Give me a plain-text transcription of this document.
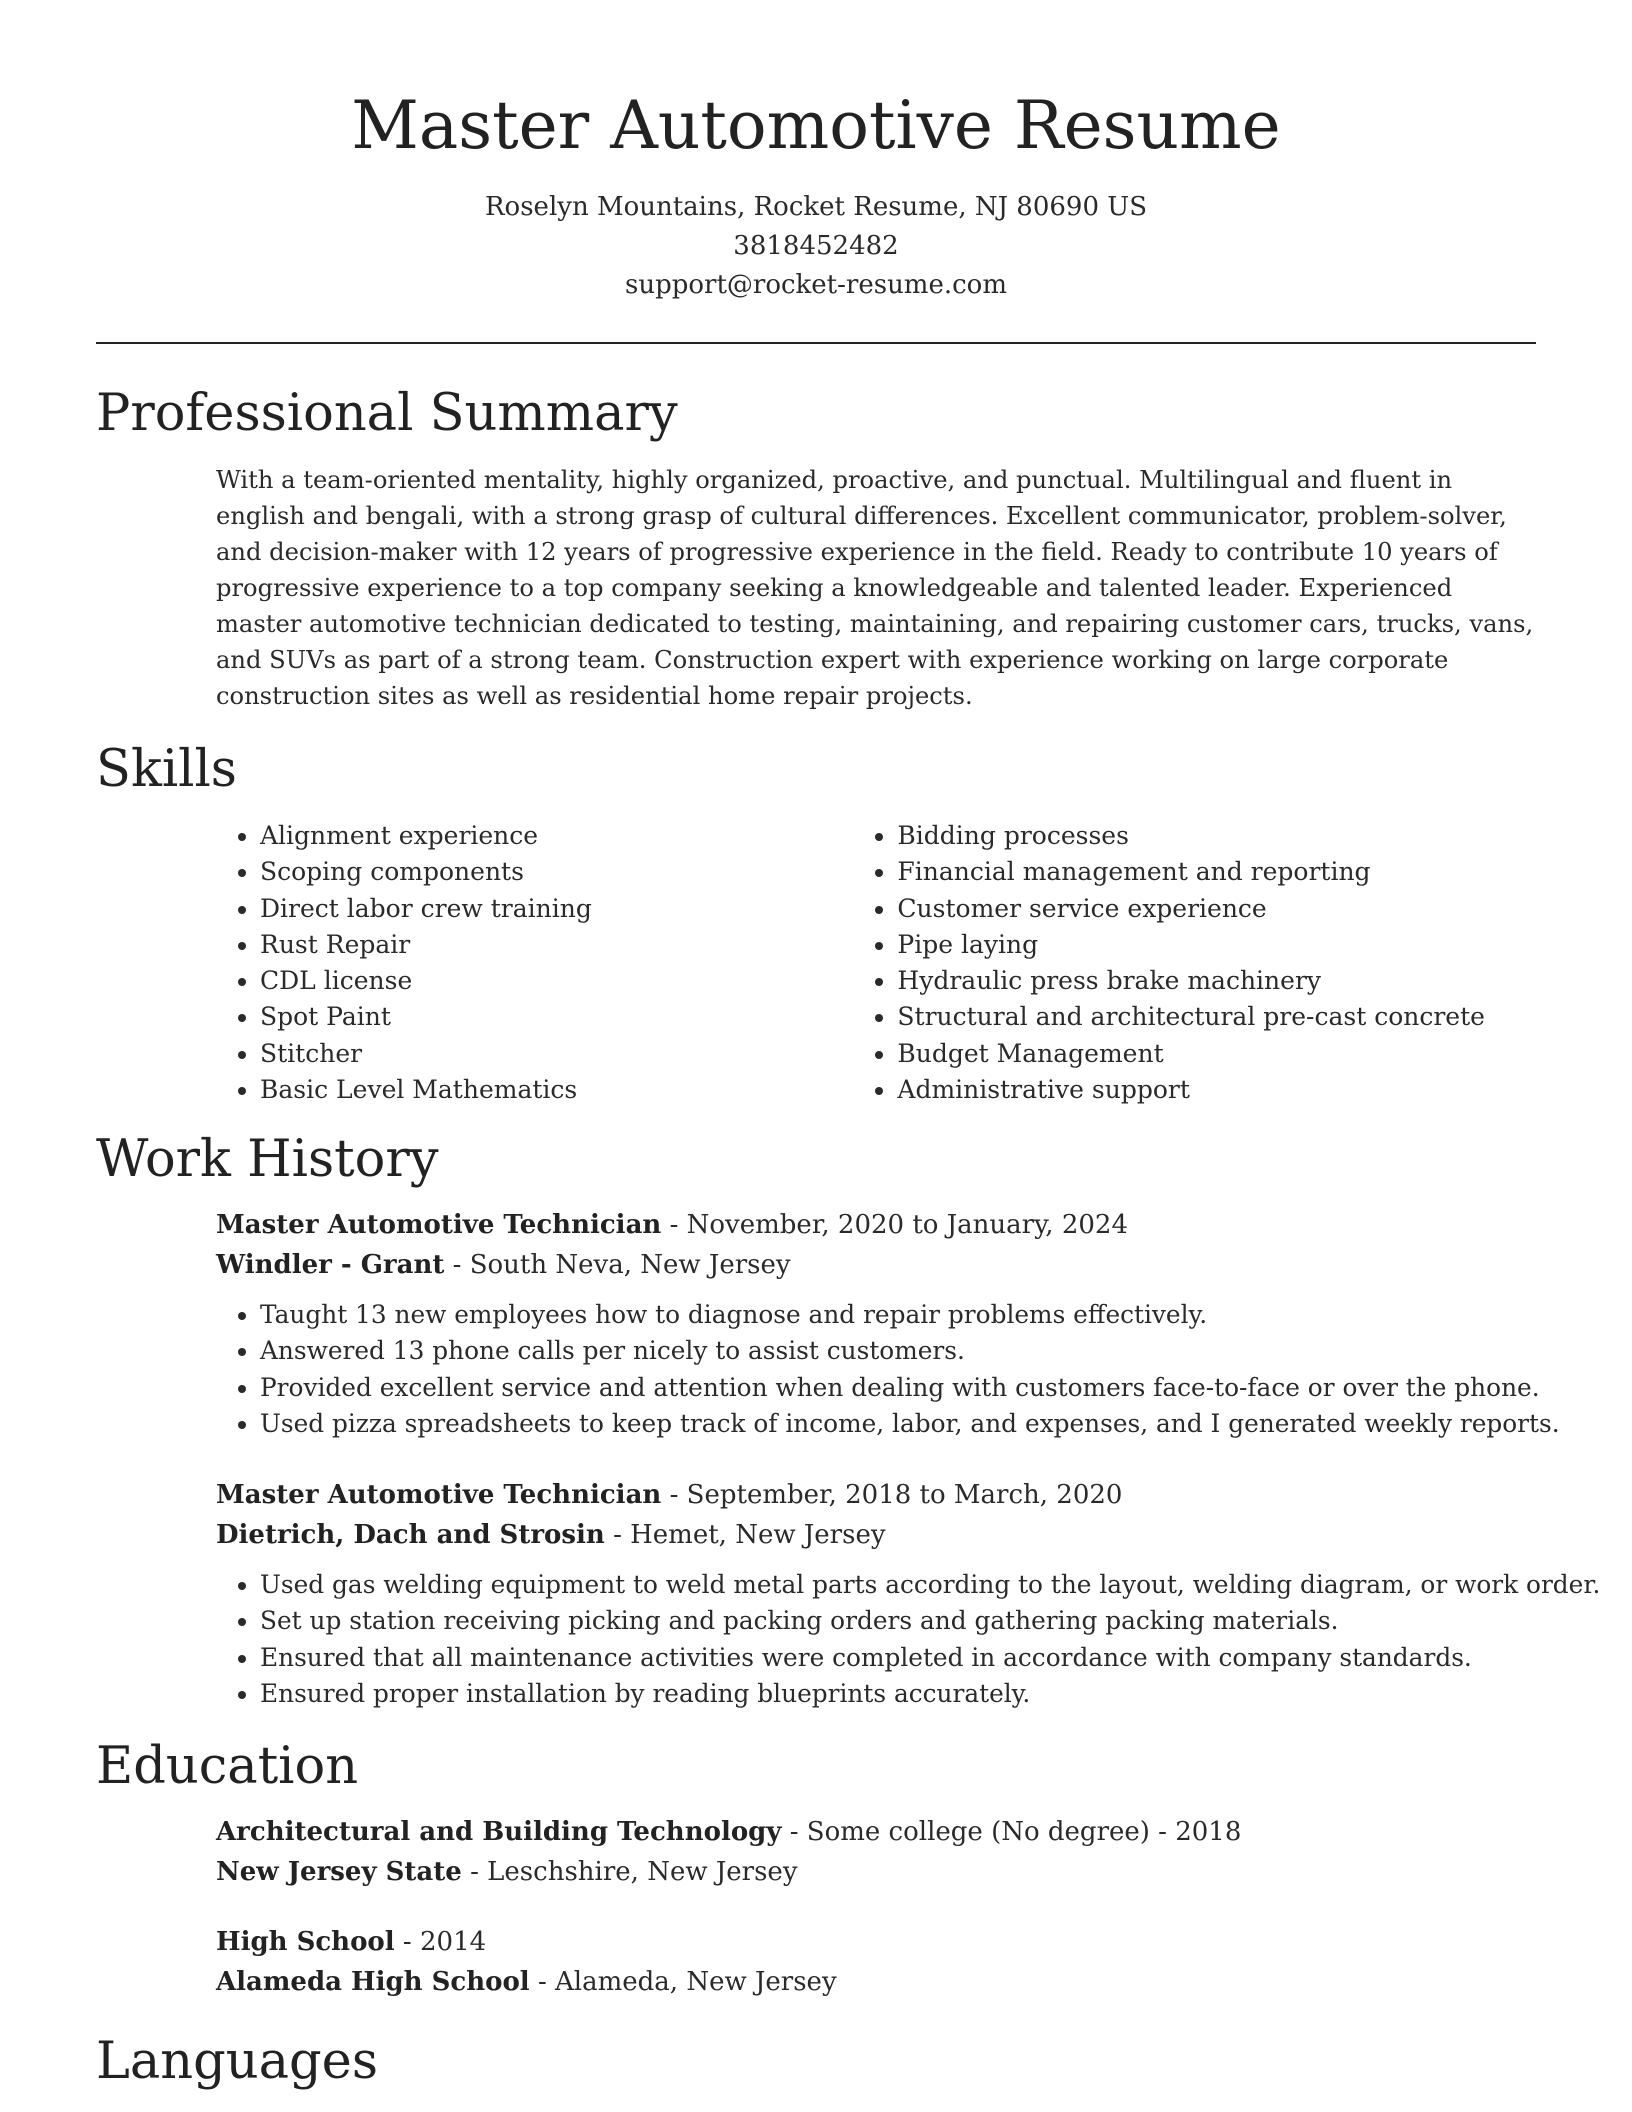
Master Automotive Resume
Roselyn Mountains, Rocket Resume, NJ 80690 US
3818452482
support@rocket-resume.com
Professional Summary

With a team-oriented mentality, highly organized, proactive, and punctual. Multilingual and fluent in english and bengali, with a strong grasp of cultural differences. Excellent communicator, problem-solver, and decision-maker with 12 years of progressive experience in the field. Ready to contribute 10 years of progressive experience to a top company seeking a knowledgeable and talented leader. Experienced master automotive technician dedicated to testing, maintaining, and repairing customer cars, trucks, vans, and SUVs as part of a strong team. Construction expert with experience working on large corporate construction sites as well as residential home repair projects.

Skills
• Alignment experience
• Scoping components
• Direct labor crew training
• Rust Repair
• CDL license
• Spot Paint
• Stitcher
• Basic Level Mathematics
• Bidding processes
• Financial management and reporting
• Customer service experience
• Pipe laying
• Hydraulic press brake machinery
• Structural and architectural pre-cast concrete
• Budget Management
• Administrative support
Work History
Master Automotive Technician - November, 2020 to January, 2024
Windler - Grant - South Neva, New Jersey
• Taught 13 new employees how to diagnose and repair problems effectively.
• Answered 13 phone calls per nicely to assist customers.
• Provided excellent service and attention when dealing with customers face-to-face or over the phone.
• Used pizza spreadsheets to keep track of income, labor, and expenses, and I generated weekly reports.
Master Automotive Technician - September, 2018 to March, 2020
Dietrich, Dach and Strosin - Hemet, New Jersey
• Used gas welding equipment to weld metal parts according to the layout, welding diagram, or work order.
• Set up station receiving picking and packing orders and gathering packing materials.
• Ensured that all maintenance activities were completed in accordance with company standards.
• Ensured proper installation by reading blueprints accurately.
Education
Architectural and Building Technology - Some college (No degree) - 2018
New Jersey State - Leschshire, New Jersey
High School - 2014
Alameda High School - Alameda, New Jersey
Languages
